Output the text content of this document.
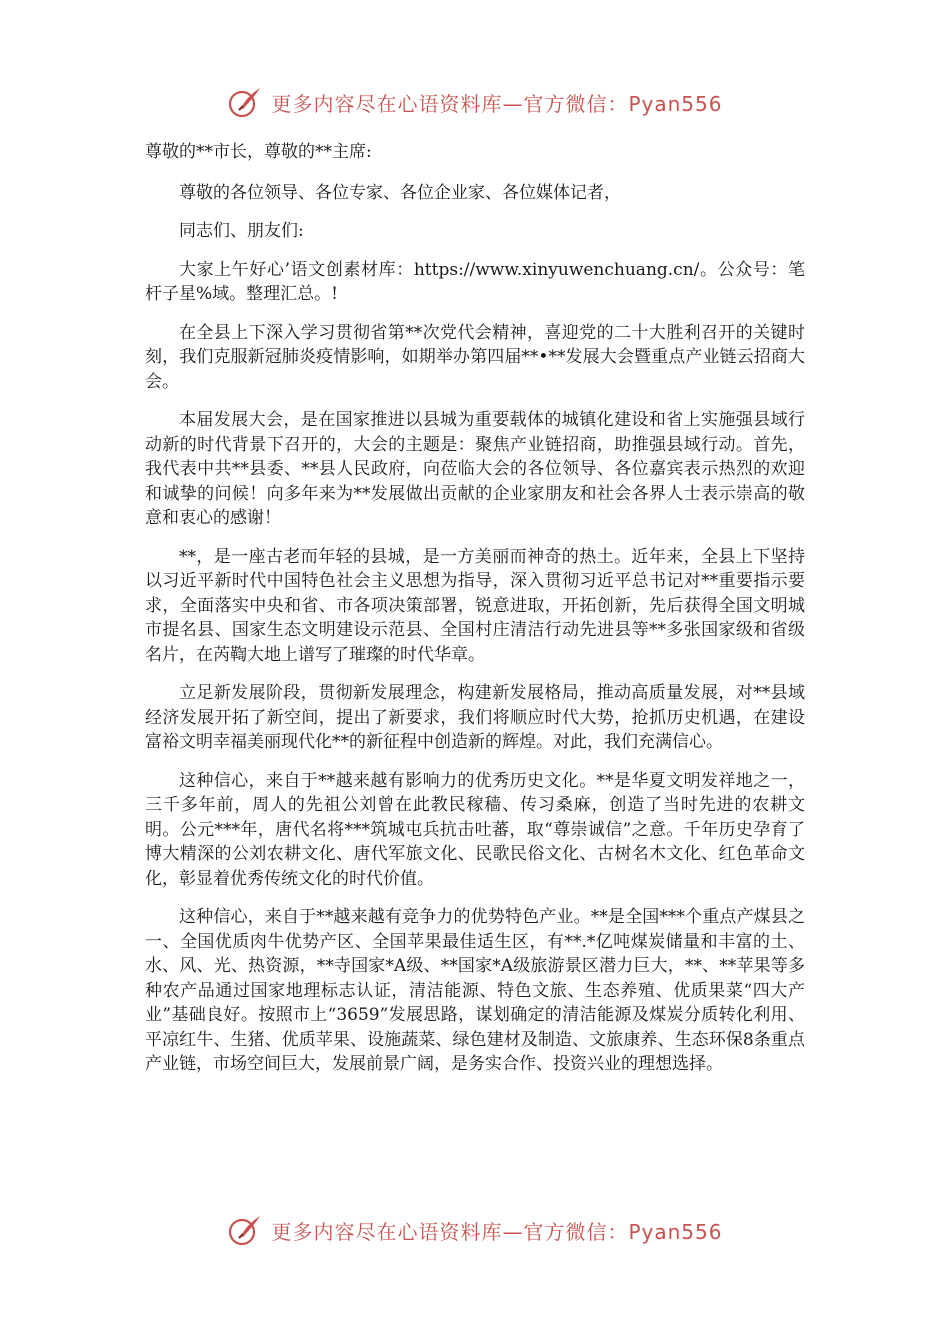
更多内容尽在心语资料库—官方微信：Pyan556

尊敬的**市长，尊敬的**主席:

尊敬的各位领导、各位专家、各位企业家、各位媒体记者，

同志们、朋友们:

大家上午好心’语文创素材库：https://www.xinyuwenchuang.cn/。公众号：笔杆子星%域。整理汇总。!

在全县上下深入学习贯彻省第**次党代会精神，喜迎党的二十大胜利召开的关键时刻，我们克服新冠肺炎疫情影响，如期举办第四届**•**发展大会暨重点产业链云招商大会。

本届发展大会，是在国家推进以县城为重要载体的城镇化建设和省上实施强县域行动新的时代背景下召开的，大会的主题是：聚焦产业链招商，助推强县域行动。首先，我代表中共**县委、**县人民政府，向莅临大会的各位领导、各位嘉宾表示热烈的欢迎和诚挚的问候！向多年来为**发展做出贡献的企业家朋友和社会各界人士表示崇高的敬意和衷心的感谢！

**，是一座古老而年轻的县城，是一方美丽而神奇的热土。近年来，全县上下坚持以习近平新时代中国特色社会主义思想为指导，深入贯彻习近平总书记对**重要指示要求，全面落实中央和省、市各项决策部署，锐意进取，开拓创新，先后获得全国文明城市提名县、国家生态文明建设示范县、全国村庄清洁行动先进县等**多张国家级和省级名片，在芮鞫大地上谱写了璀璨的时代华章。

立足新发展阶段，贯彻新发展理念，构建新发展格局，推动高质量发展，对**县域经济发展开拓了新空间，提出了新要求，我们将顺应时代大势，抢抓历史机遇，在建设富裕文明幸福美丽现代化**的新征程中创造新的辉煌。对此，我们充满信心。

这种信心，来自于**越来越有影响力的优秀历史文化。**是华夏文明发祥地之一，三千多年前，周人的先祖公刘曾在此教民稼穑、传习桑麻，创造了当时先进的农耕文明。公元***年，唐代名将***筑城屯兵抗击吐蕃，取“尊崇诚信”之意。千年历史孕育了博大精深的公刘农耕文化、唐代军旅文化、民歌民俗文化、古树名木文化、红色革命文化，彰显着优秀传统文化的时代价值。

这种信心，来自于**越来越有竞争力的优势特色产业。**是全国***个重点产煤县之一、全国优质肉牛优势产区、全国苹果最佳适生区，有**.*亿吨煤炭储量和丰富的土、水、风、光、热资源，**寺国家*A级、**国家*A级旅游景区潜力巨大，**、**苹果等多种农产品通过国家地理标志认证，清洁能源、特色文旅、生态养殖、优质果菜“四大产业”基础良好。按照市上“3659”发展思路，谋划确定的清洁能源及煤炭分质转化利用、平凉红牛、生猪、优质苹果、设施蔬菜、绿色建材及制造、文旅康养、生态环保8条重点产业链，市场空间巨大，发展前景广阔，是务实合作、投资兴业的理想选择。

更多内容尽在心语资料库—官方微信：Pyan556
